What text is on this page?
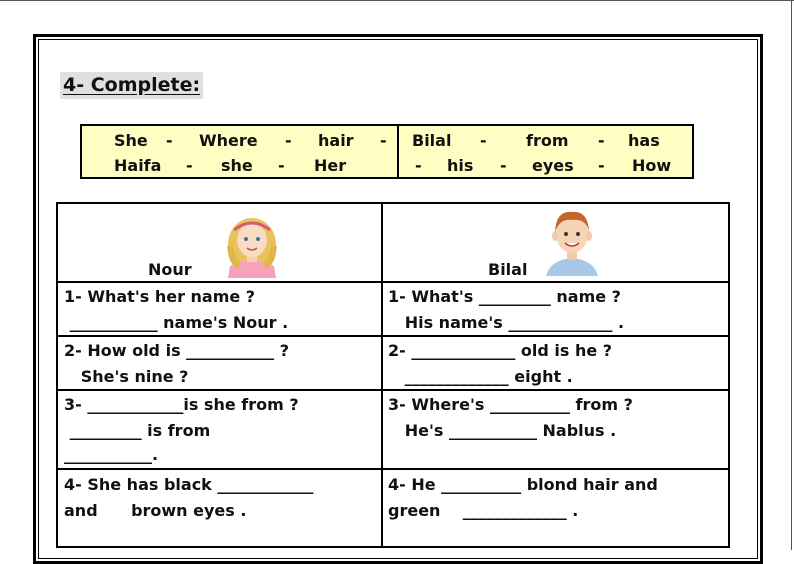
4- Complete:
She - Where - hair - Bilal - from - has
Haifa - she - Her	- his - eyes - How
Nour	Bilal
1- What's her name ?
___________ name's Nour .
1- What's _________ name ?
His name's _____________ .
2- How old is ___________ ?
She's nine ?
2- _____________ old is he ?
_____________ eight .
3- ____________is she from ?
_________ is from
___________.
3- Where's __________ from ?
He's ___________ Nablus .
4- She has black ____________
and      brown eyes .
4- He __________ blond hair and
green    _____________ .
